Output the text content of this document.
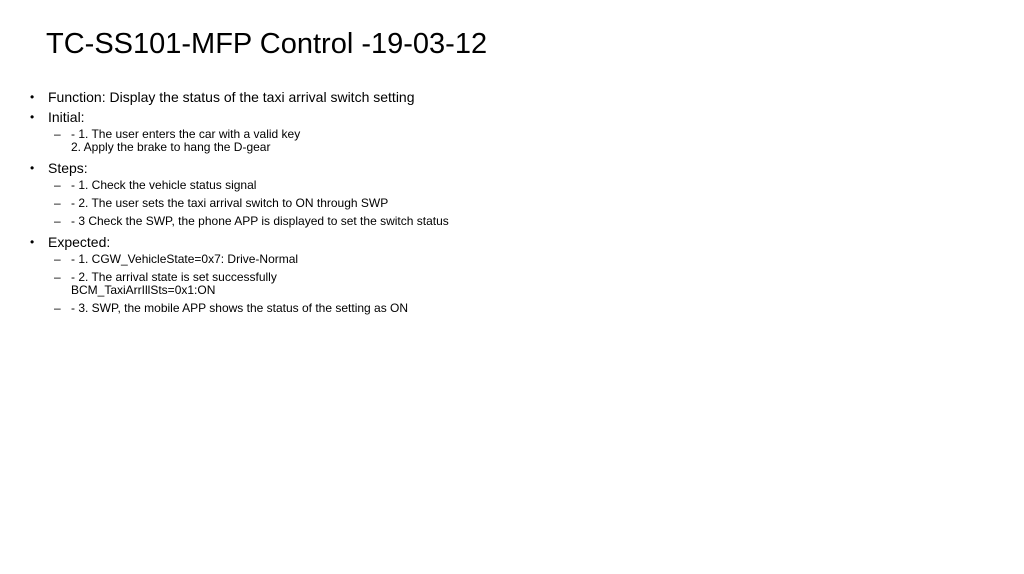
TC-SS101-MFP Control -19-03-12
• Function: Display the status of the taxi arrival switch setting
• Initial:
– - 1. The user enters the car with a valid key
2. Apply the brake to hang the D-gear
• Steps:
– - 1. Check the vehicle status signal
– - 2. The user sets the taxi arrival switch to ON through SWP
– - 3 Check the SWP, the phone APP is displayed to set the switch status
• Expected:
– - 1. CGW_VehicleState=0x7: Drive-Normal
– - 2. The arrival state is set successfully
BCM_TaxiArrIllSts=0x1:ON
– - 3. SWP, the mobile APP shows the status of the setting as ON
